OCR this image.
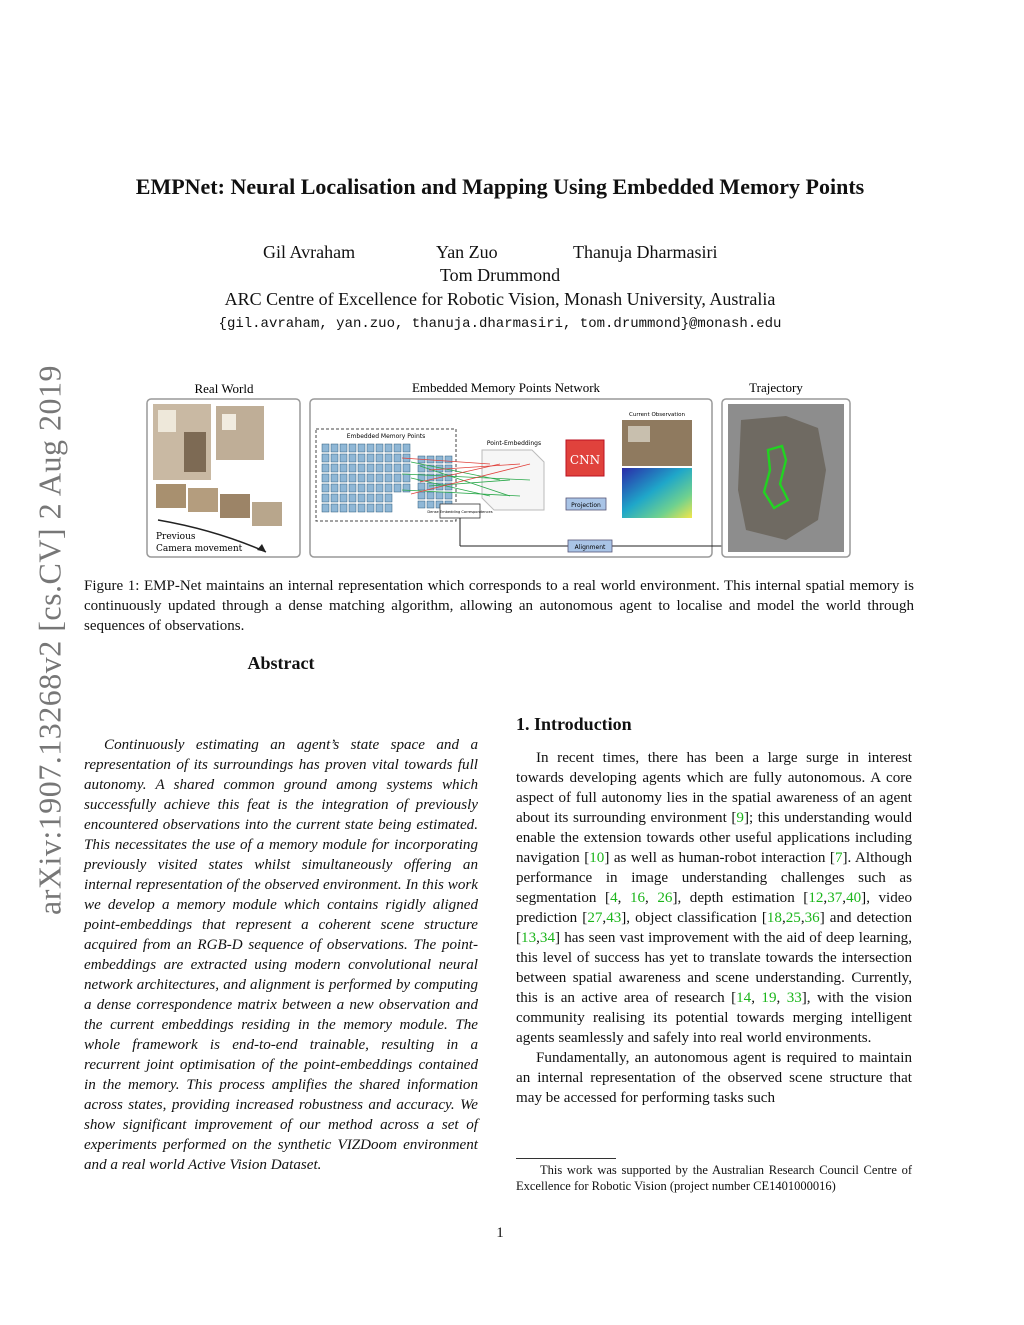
arXiv:1907.13268v2 [cs.CV] 2 Aug 2019
EMPNet: Neural Localisation and Mapping Using Embedded Memory Points
Gil Avraham	Yan Zuo	Thanuja Dharmasiri
Tom Drummond
ARC Centre of Excellence for Robotic Vision, Monash University, Australia
{gil.avraham, yan.zuo, thanuja.dharmasiri, tom.drummond}@monash.edu
Real World	Embedded Memory Points Network	Trajectory
Previous
Camera movement
Embedded Memory Points
Point-Embeddings
CNN
Projection
Dense Embedding Correspondences
Current Observation
Alignment
Figure 1: EMP-Net maintains an internal representation which corresponds to a real world environment. This internal spatial memory is continuously updated through a dense matching algorithm, allowing an autonomous agent to localise and model the world through sequences of observations.
Abstract
Continuously estimating an agent’s state space and a representation of its surroundings has proven vital towards full autonomy. A shared common ground among systems which successfully achieve this feat is the integration of previously encountered observations into the current state being estimated. This necessitates the use of a memory module for incorporating previously visited states whilst simultaneously offering an internal representation of the observed environment. In this work we develop a memory module which contains rigidly aligned point-embeddings that represent a coherent scene structure acquired from an RGB-D sequence of observations. The point-embeddings are extracted using modern convolutional neural network architectures, and alignment is performed by computing a dense correspondence matrix between a new observation and the current embeddings residing in the memory module. The whole framework is end-to-end trainable, resulting in a recurrent joint optimisation of the point-embeddings contained in the memory. This process amplifies the shared information across states, providing increased robustness and accuracy. We show significant improvement of our method across a set of experiments performed on the synthetic VIZDoom environment and a real world Active Vision Dataset.
1. Introduction

In recent times, there has been a large surge in interest towards developing agents which are fully autonomous. A core aspect of full autonomy lies in the spatial awareness of an agent about its surrounding environment [9]; this understanding would enable the extension towards other useful applications including navigation [10] as well as human-robot interaction [7]. Although performance in image understanding challenges such as segmentation [4, 16, 26], depth estimation [12,37,40], video prediction [27,43], object classification [18,25,36] and detection [13,34] has seen vast improvement with the aid of deep learning, this level of success has yet to translate towards the intersection between spatial awareness and scene understanding. Currently, this is an active area of research [14, 19, 33], with the vision community realising its potential towards merging intelligent agents seamlessly and safely into real world environments.

Fundamentally, an autonomous agent is required to maintain an internal representation of the observed scene structure that may be accessed for performing tasks such

This work was supported by the Australian Research Council Centre of Excellence for Robotic Vision (project number CE1401000016)
1
